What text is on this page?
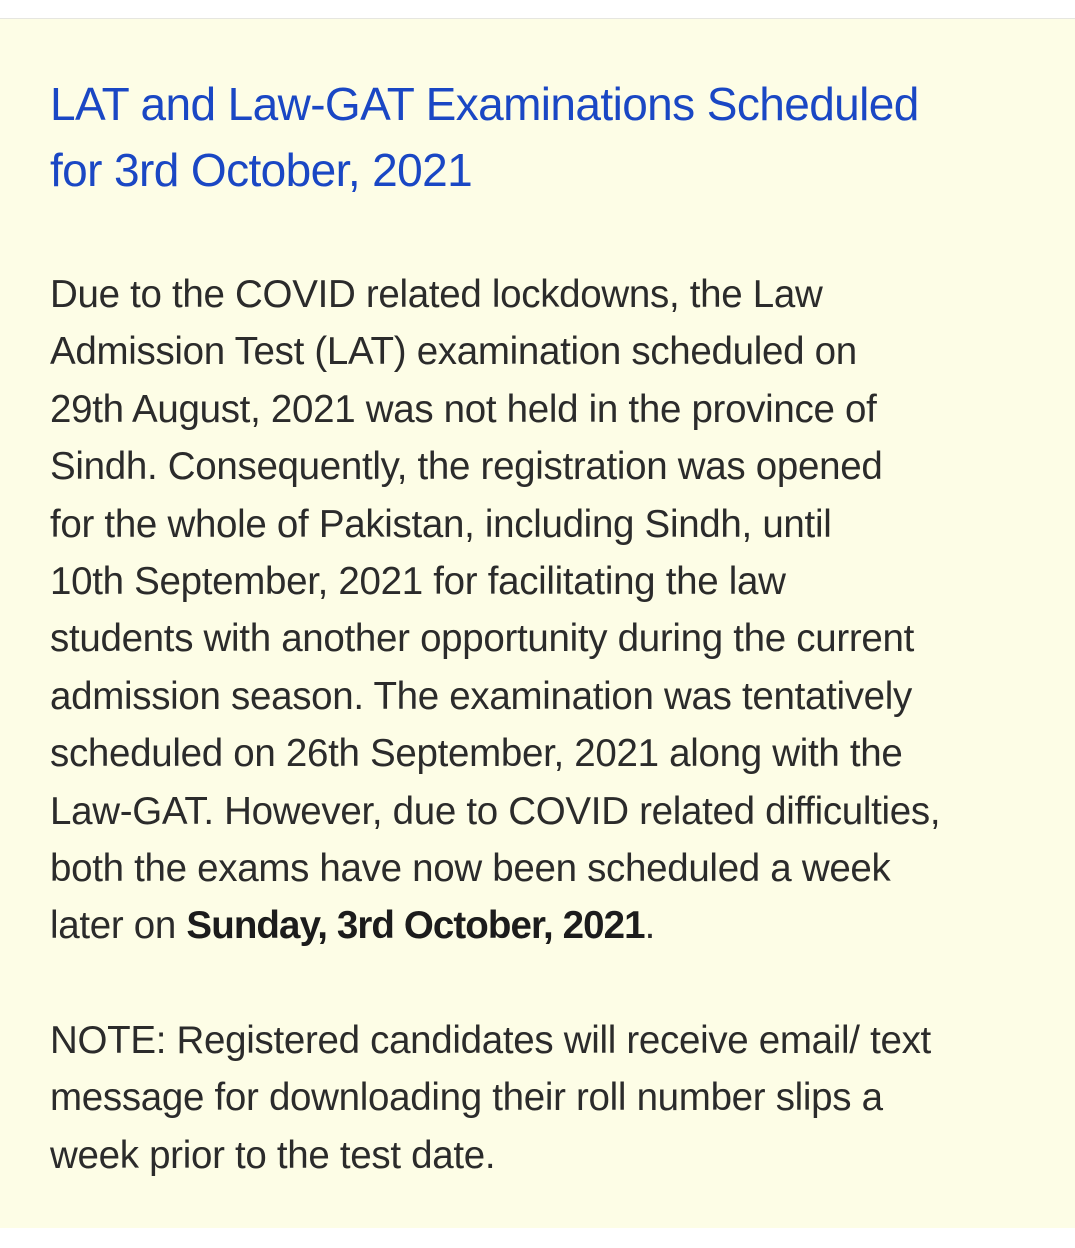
LAT and Law-GAT Examinations Scheduled
for 3rd October, 2021

Due to the COVID related lockdowns, the Law
Admission Test (LAT) examination scheduled on
29th August, 2021 was not held in the province of
Sindh. Consequently, the registration was opened
for the whole of Pakistan, including Sindh, until
10th September, 2021 for facilitating the law
students with another opportunity during the current
admission season. The examination was tentatively
scheduled on 26th September, 2021 along with the
Law-GAT. However, due to COVID related difficulties,
both the exams have now been scheduled a week
later on Sunday, 3rd October, 2021.

NOTE: Registered candidates will receive email/ text
message for downloading their roll number slips a
week prior to the test date.
